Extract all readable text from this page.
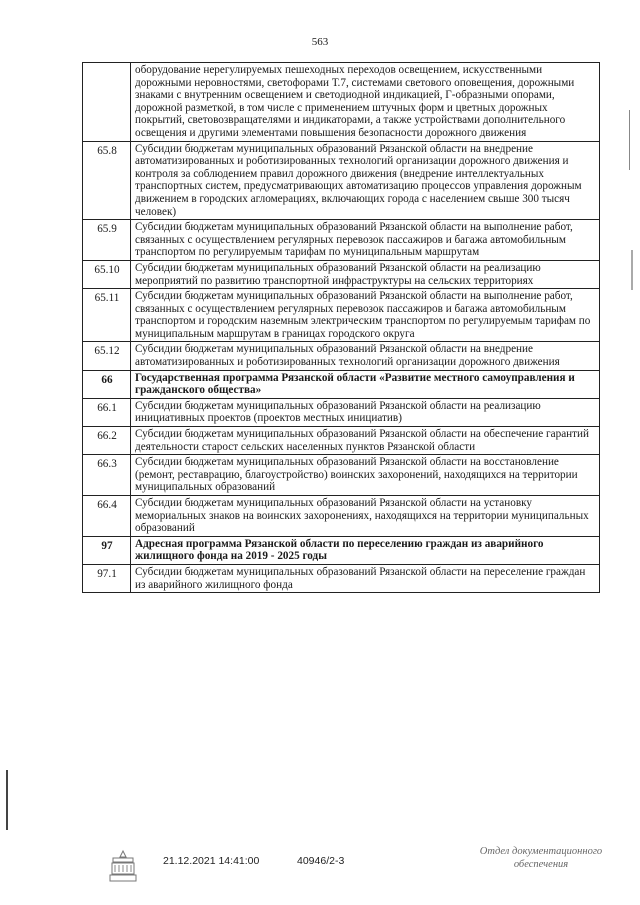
563
	оборудование нерегулируемых пешеходных переходов освещением, искусственными дорожными неровностями, светофорами Т.7, системами светового оповещения, дорожными знаками с внутренним освещением и светодиодной индикацией, Г-образными опорами, дорожной разметкой, в том числе с применением штучных форм и цветных дорожных покрытий, световозвращателями и индикаторами, а также устройствами дополнительного освещения и другими элементами повышения безопасности дорожного движения
65.8	Субсидии бюджетам муниципальных образований Рязанской области на внедрение автоматизированных и роботизированных технологий организации дорожного движения и контроля за соблюдением правил дорожного движения (внедрение интеллектуальных транспортных систем, предусматривающих автоматизацию процессов управления дорожным движением в городских агломерациях, включающих города с населением свыше 300 тысяч человек)
65.9	Субсидии бюджетам муниципальных образований Рязанской области на выполнение работ, связанных с осуществлением регулярных перевозок пассажиров и багажа автомобильным транспортом по регулируемым тарифам по муниципальным маршрутам
65.10	Субсидии бюджетам муниципальных образований Рязанской области на реализацию мероприятий по развитию транспортной инфраструктуры на сельских территориях
65.11	Субсидии бюджетам муниципальных образований Рязанской области на выполнение работ, связанных с осуществлением регулярных перевозок пассажиров и багажа автомобильным транспортом и городским наземным электрическим транспортом по регулируемым тарифам по муниципальным маршрутам в границах городского округа
65.12	Субсидии бюджетам муниципальных образований Рязанской области на внедрение автоматизированных и роботизированных технологий организации дорожного движения
66	Государственная программа Рязанской области «Развитие местного самоуправления и гражданского общества»
66.1	Субсидии бюджетам муниципальных образований Рязанской области на реализацию инициативных проектов (проектов местных инициатив)
66.2	Субсидии бюджетам муниципальных образований Рязанской области на обеспечение гарантий деятельности старост сельских населенных пунктов Рязанской области
66.3	Субсидии бюджетам муниципальных образований Рязанской области на восстановление (ремонт, реставрацию, благоустройство) воинских захоронений, находящихся на территории муниципальных образований
66.4	Субсидии бюджетам муниципальных образований Рязанской области на установку мемориальных знаков на воинских захоронениях, находящихся на территории муниципальных образований
97	Адресная программа Рязанской области по переселению граждан из аварийного жилищного фонда на 2019 - 2025 годы
97.1	Субсидии бюджетам муниципальных образований Рязанской области на переселение граждан из аварийного жилищного фонда
21.12.2021 14:41:00	40946/2-3
Отдел документационного
обеспечения
